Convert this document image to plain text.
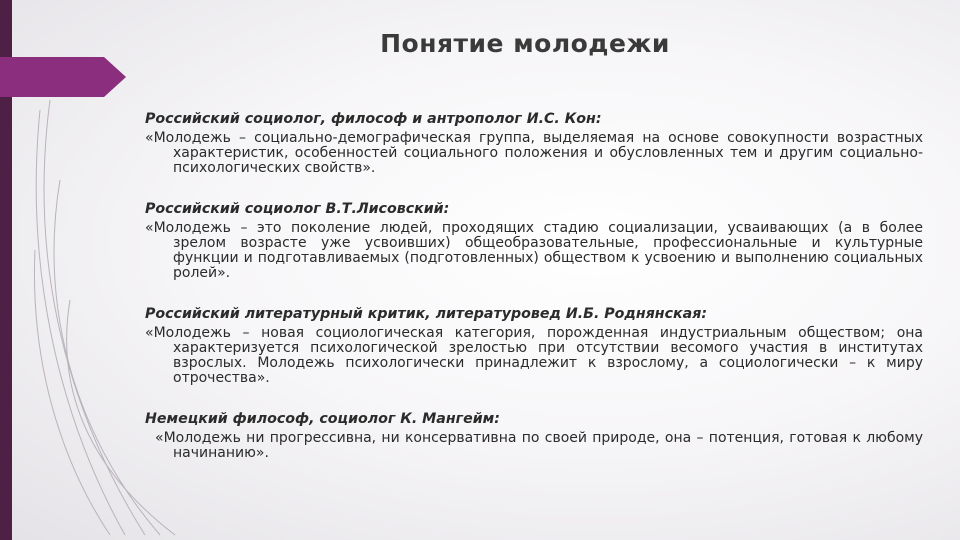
Понятие молодежи

Российский социолог, философ и антрополог И.С. Кон:

«Молодежь – социально-демографическая группа, выделяемая на основе совокупности возрастных характеристик, особенностей социального положения и обусловленных тем и другим социально-психологических свойств».

Российский социолог В.Т.Лисовский:

«Молодежь – это поколение людей, проходящих стадию социализации, усваивающих (а в более зрелом возрасте уже усвоивших) общеобразовательные, профессиональные и культурные функции и подготавливаемых (подготовленных) обществом к усвоению и выполнению социальных ролей».

Российский литературный критик, литературовед И.Б. Роднянская:

«Молодежь – новая социологическая категория, порожденная индустриальным обществом; она характеризуется психологической зрелостью при отсутствии весомого участия в институтах взрослых. Молодежь психологически принадлежит к взрослому, а социологически – к миру отрочества».

Немецкий философ, социолог К. Мангейм:

«Молодежь ни прогрессивна, ни консервативна по своей природе, она – потенция, готовая к любому начинанию».
